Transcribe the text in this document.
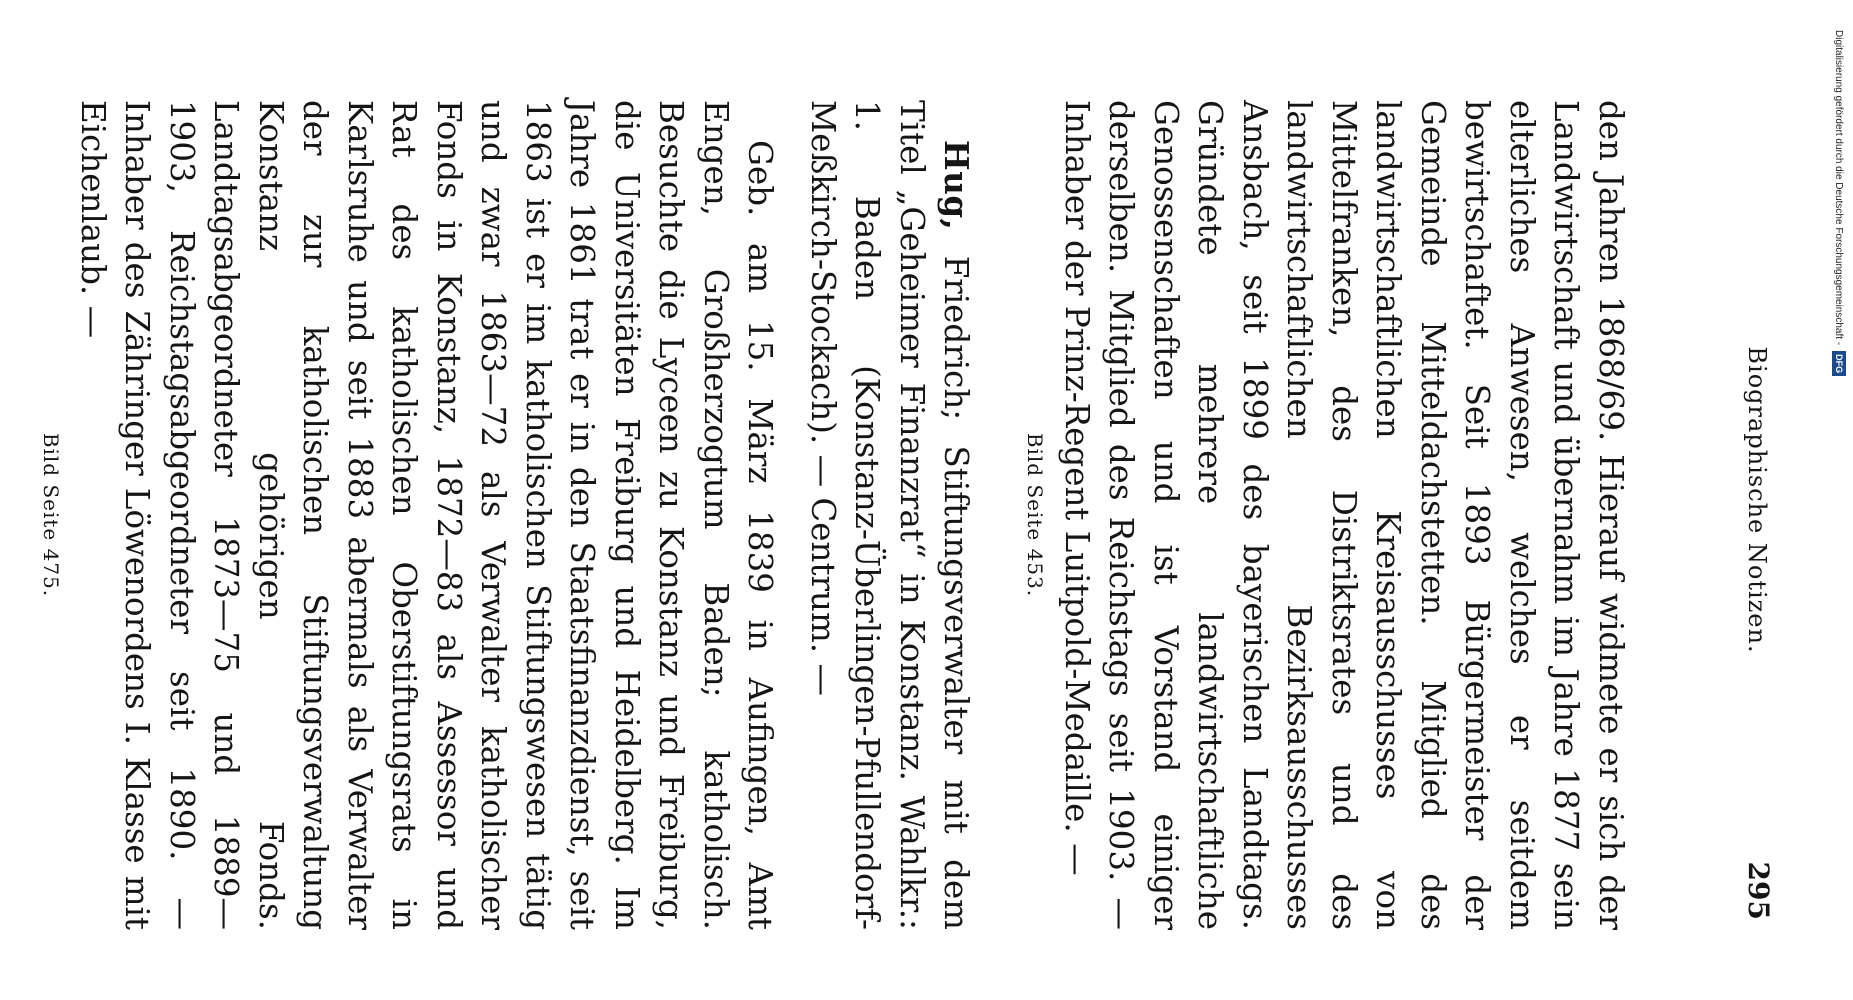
Biographische Notizen.
295

den Jahren 1868/69. Hierauf widmete er sich der Landwirtschaft und übernahm im Jahre 1877 sein elterliches Anwesen, welches er seitdem bewirtschaftet. Seit 1893 Bürgermeister der Gemeinde Mitteldachstetten. Mitglied des landwirtschaftlichen Kreisausschusses von Mittelfranken, des Distriktsrates und des landwirtschaftlichen Bezirksausschusses Ansbach, seit 1899 des bayerischen Landtags. Gründete mehrere landwirtschaftliche Genossenschaften und ist Vorstand einiger derselben. Mitglied des Reichstags seit 1903. — Inhaber der Prinz-Regent Luitpold-Medaille. —

Bild Seite 453.

Hug, Friedrich; Stiftungsverwalter mit dem Titel „Geheimer Finanzrat“ in Konstanz. Wahlkr.: 1. Baden (Konstanz-Überlingen-Pfullendorf-Meßkirch-Stockach). — Centrum. —

Geb. am 15. März 1839 in Aufingen, Amt Engen, Großherzogtum Baden; katholisch. Besuchte die Lyceen zu Konstanz und Freiburg, die Universitäten Freiburg und Heidelberg. Im Jahre 1861 trat er in den Staatsfinanzdienst, seit 1863 ist er im katholischen Stiftungswesen tätig und zwar 1863—72 als Verwalter katholischer Fonds in Konstanz, 1872—83 als Assessor und Rat des katholischen Oberstiftungsrats in Karlsruhe und seit 1883 abermals als Verwalter der zur katholischen Stiftungsverwaltung Konstanz gehörigen Fonds. Landtagsabgeordneter 1873—75 und 1889—1903, Reichstagsabgeordneter seit 1890. — Inhaber des Zähringer Löwenordens I. Klasse mit Eichenlaub. —

Bild Seite 475.

Digitalisierung gefördert durch die Deutsche Forschungsgemeinschaft -DFG
